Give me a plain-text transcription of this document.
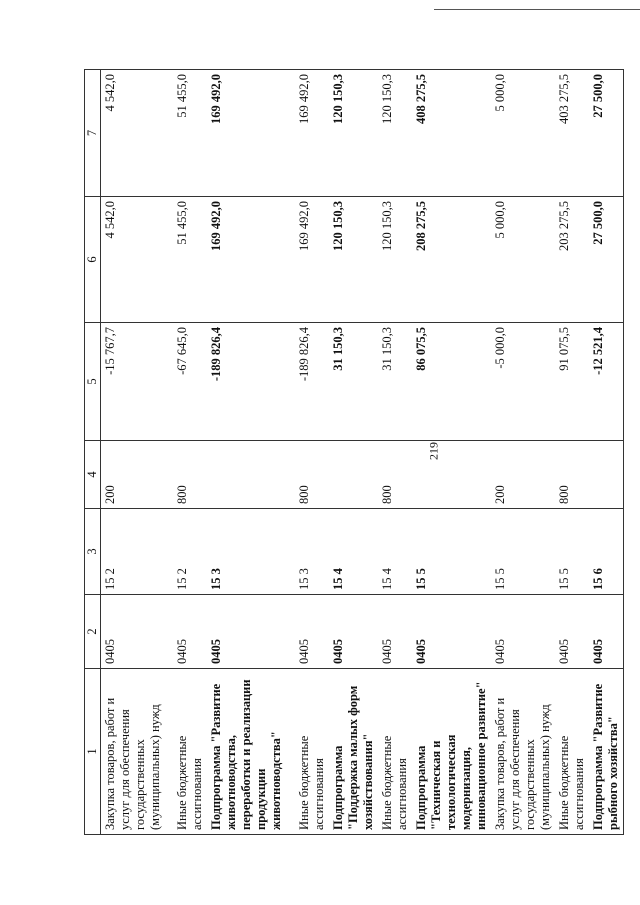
219
1	2	3	4	5	6	7
Закупка товаров, работ и услуг для обеспечения государственных (муниципальных) нужд	0405	15 2	200	-15 767,7	4 542,0	4 542,0
Иные бюджетные ассигнования	0405	15 2	800	-67 645,0	51 455,0	51 455,0
Подпрограмма "Развитие животноводства, переработки и реализации продукции животноводства"	0405	15 3		-189 826,4	169 492,0	169 492,0
Иные бюджетные ассигнования	0405	15 3	800	-189 826,4	169 492,0	169 492,0
Подпрограмма "Поддержка малых форм хозяйствования"	0405	15 4		31 150,3	120 150,3	120 150,3
Иные бюджетные ассигнования	0405	15 4	800	31 150,3	120 150,3	120 150,3
Подпрограмма "Техническая и технологическая модернизация, инновационное развитие"	0405	15 5		86 075,5	208 275,5	408 275,5
Закупка товаров, работ и услуг для обеспечения государственных (муниципальных) нужд	0405	15 5	200	-5 000,0	5 000,0	5 000,0
Иные бюджетные ассигнования	0405	15 5	800	91 075,5	203 275,5	403 275,5
Подпрограмма "Развитие рыбного хозяйства"	0405	15 6		-12 521,4	27 500,0	27 500,0
